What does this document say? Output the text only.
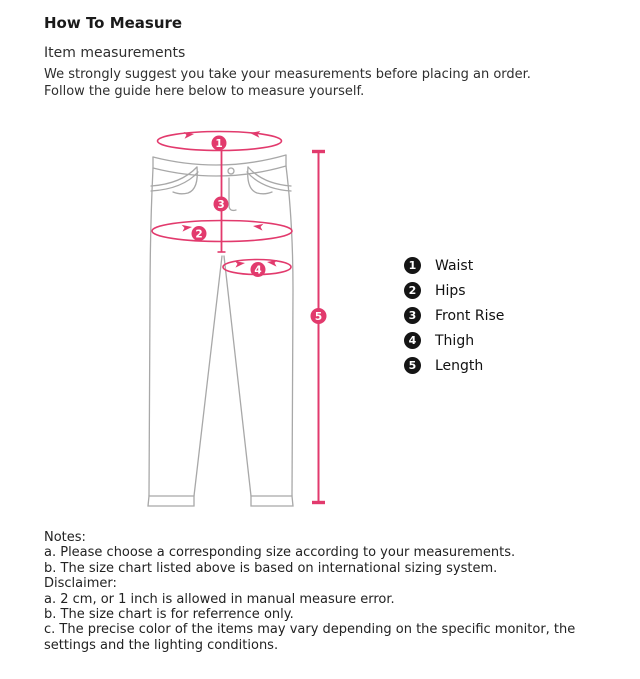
How To Measure
Item measurements
We strongly suggest you take your measurements before placing an order.
Follow the guide here below to measure yourself.
1
2
3
4
5
1	Waist
2	Hips
3	Front Rise
4	Thigh
5	Length
Notes:
a. Please choose a corresponding size according to your measurements.
b. The size chart listed above is based on international sizing system.
Disclaimer:
a. 2 cm, or 1 inch is allowed in manual measure error.
b. The size chart is for referrence only.
c. The precise color of the items may vary depending on the specific monitor, the settings and the lighting conditions.
